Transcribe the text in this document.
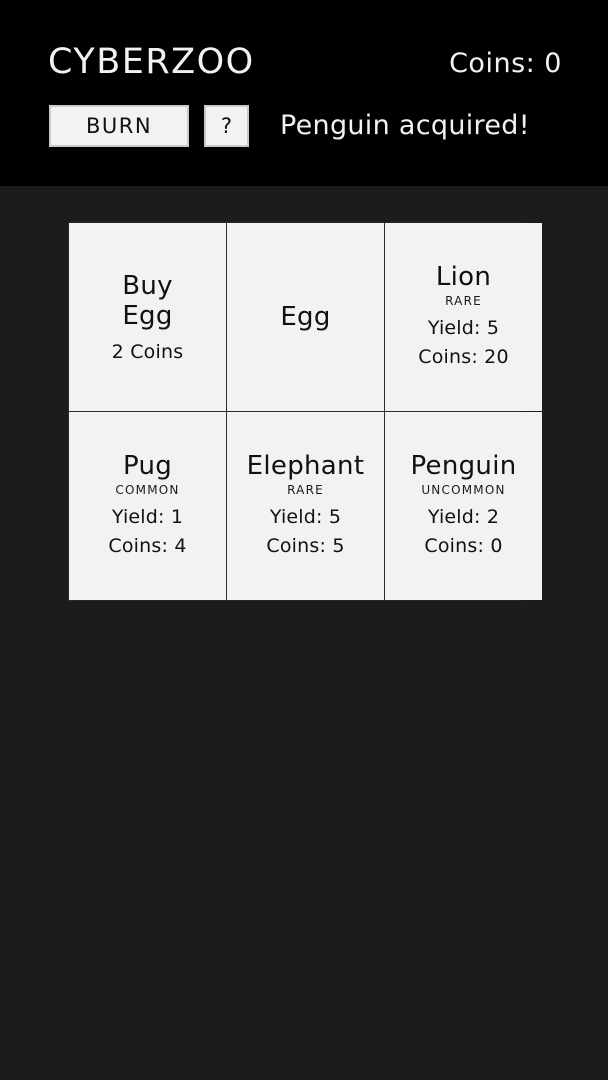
CYBERZOO	Coins: 0
BURN	?	Penguin acquired!
Buy
Egg
2 Coins
Egg
Lion
RARE
Yield: 5
Coins: 20
Pug
COMMON
Yield: 1
Coins: 4
Elephant
RARE
Yield: 5
Coins: 5
Penguin
UNCOMMON
Yield: 2
Coins: 0
